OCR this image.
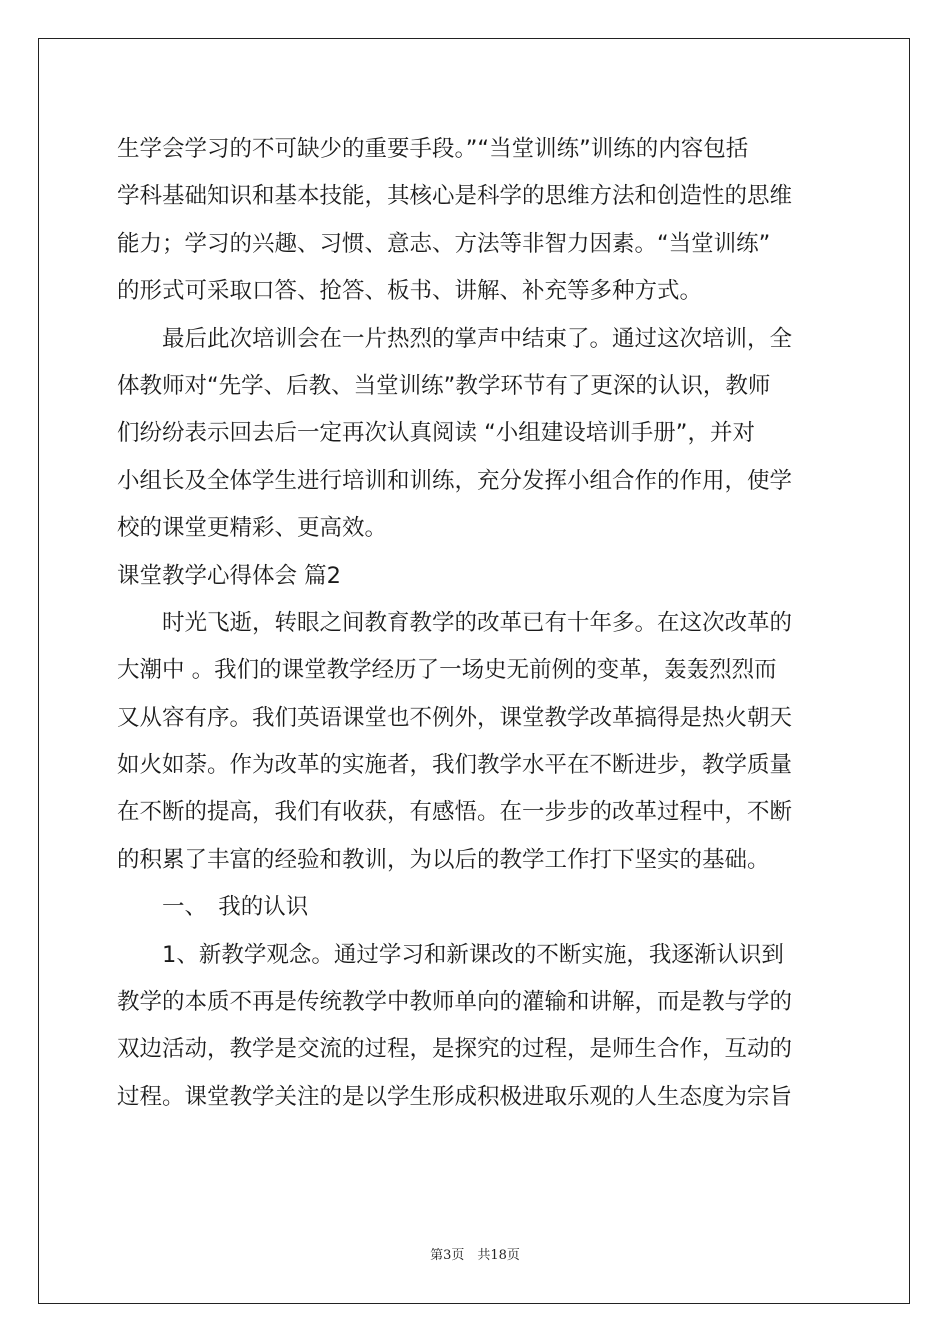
生学会学习的不可缺少的重要手段。”“当堂训练”训练的内容包括
学科基础知识和基本技能，其核心是科学的思维方法和创造性的思维
能力；学习的兴趣、习惯、意志、方法等非智力因素。“当堂训练”
的形式可采取口答、抢答、板书、讲解、补充等多种方式。
　　最后此次培训会在一片热烈的掌声中结束了。通过这次培训，全
体教师对“先学、后教、当堂训练”教学环节有了更深的认识，教师
们纷纷表示回去后一定再次认真阅读 “小组建设培训手册”，并对
小组长及全体学生进行培训和训练，充分发挥小组合作的作用，使学
校的课堂更精彩、更高效。
课堂教学心得体会 篇2
　　时光飞逝，转眼之间教育教学的改革已有十年多。在这次改革的
大潮中 。我们的课堂教学经历了一场史无前例的变革，轰轰烈烈而
又从容有序。我们英语课堂也不例外，课堂教学改革搞得是热火朝天
如火如荼。作为改革的实施者，我们教学水平在不断进步，教学质量
在不断的提高，我们有收获，有感悟。在一步步的改革过程中，不断
的积累了丰富的经验和教训，为以后的教学工作打下坚实的基础。
　　一、　我的认识
　　1、新教学观念。通过学习和新课改的不断实施，我逐渐认识到
教学的本质不再是传统教学中教师单向的灌输和讲解，而是教与学的
双边活动，教学是交流的过程，是探究的过程，是师生合作，互动的
过程。课堂教学关注的是以学生形成积极进取乐观的人生态度为宗旨
第3页　共18页
